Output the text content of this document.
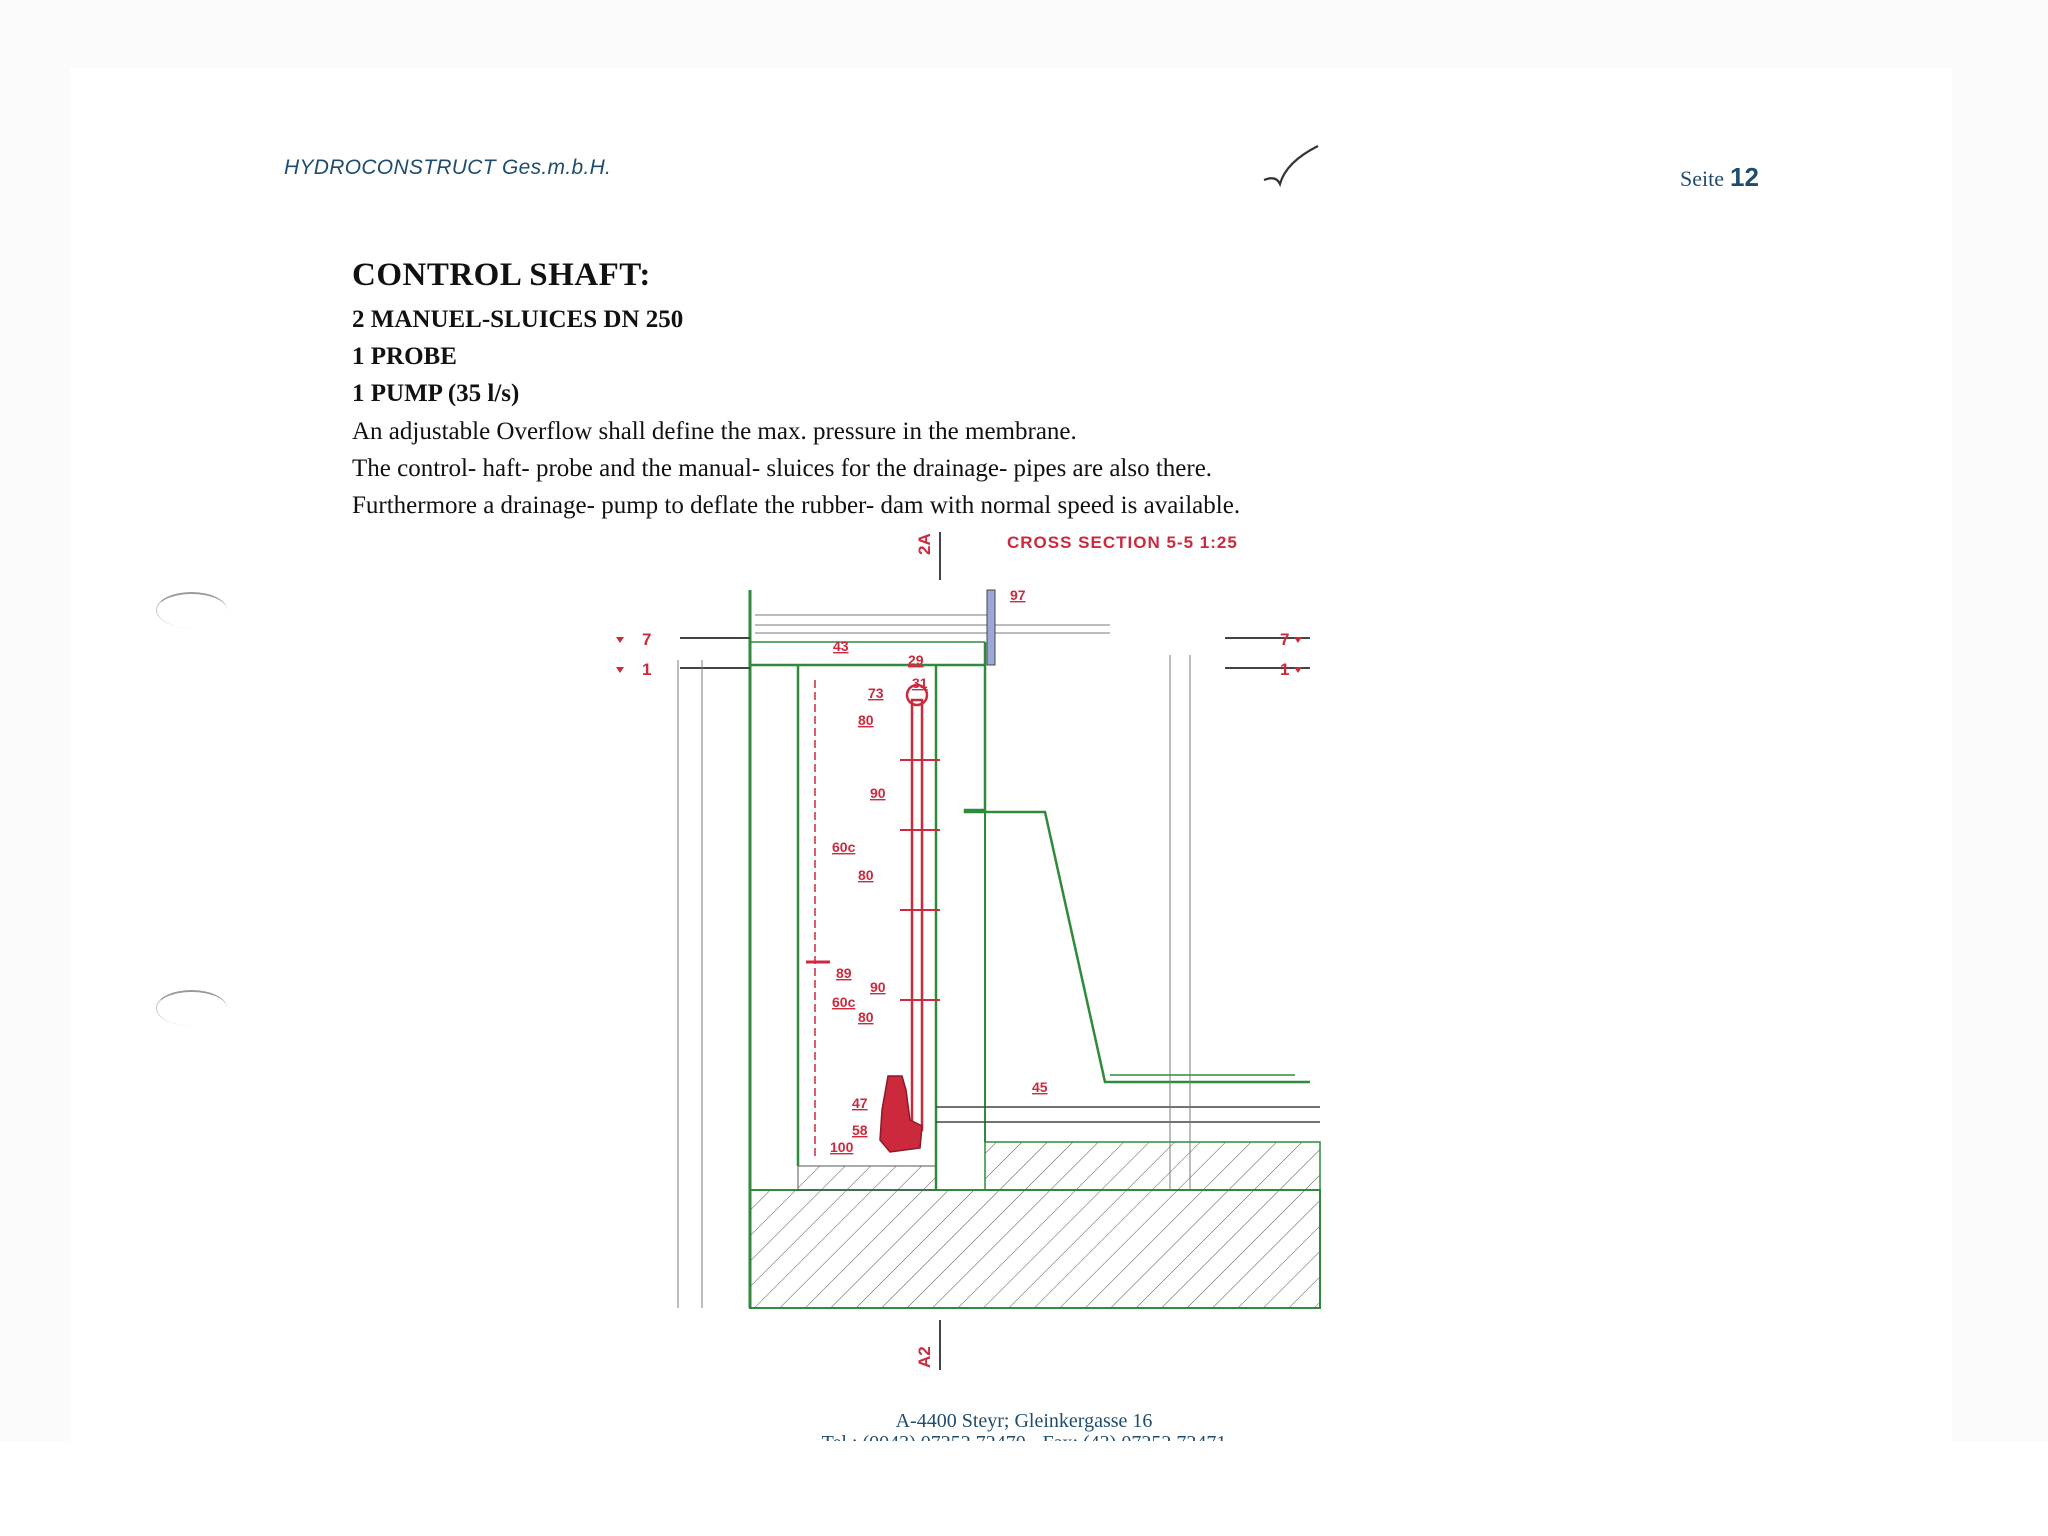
HYDROCONSTRUCT Ges.m.b.H.	Seite 12
CONTROL SHAFT:
2 MANUEL-SLUICES DN 250
1 PROBE
1 PUMP (35 l/s)
An adjustable Overflow shall define the max. pressure in the membrane.
The control- haft- probe and the manual- sluices for the drainage- pipes are also there.
Furthermore a drainage- pump to deflate the rubber- dam with normal speed is available.
2A	CROSS SECTION 5-5 1:25
7
1
7
1
97
43
29
73
31
80
90
60c
80
89
90
60c
80
45
47
58
100
A2
A-4400 Steyr; Gleinkergasse 16
